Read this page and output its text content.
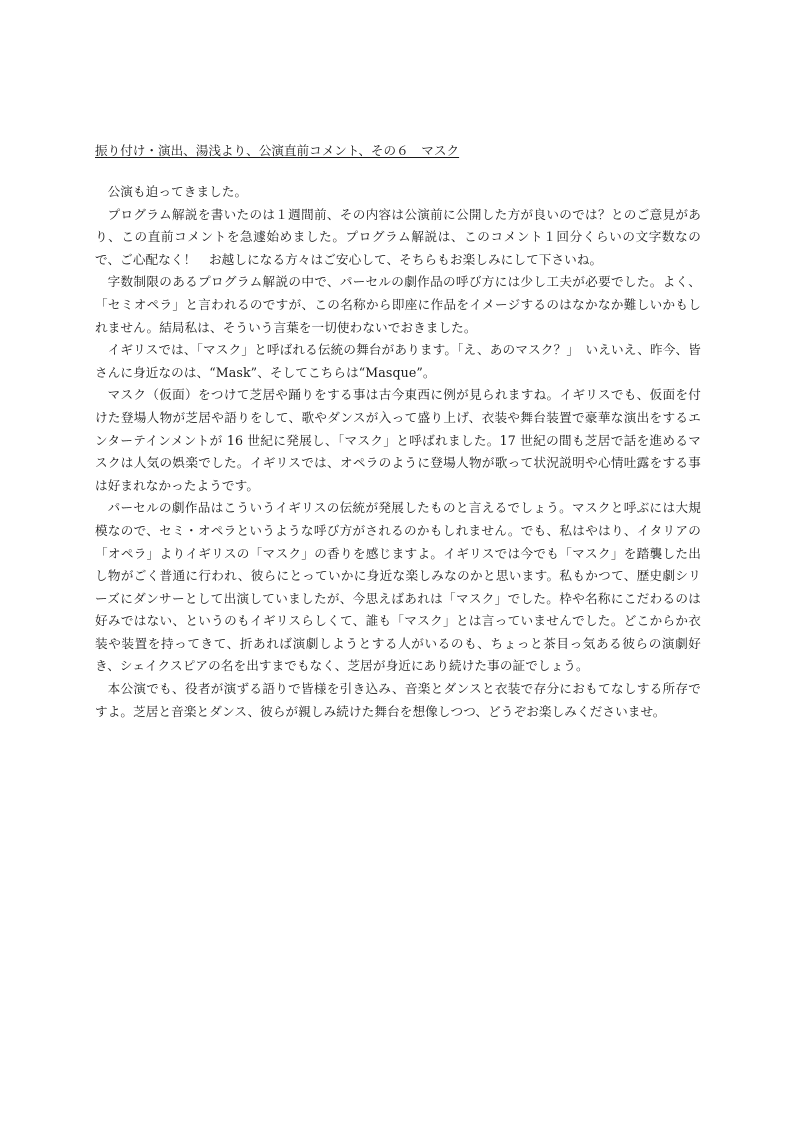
振り付け・演出、湯浅より、公演直前コメント、その６　マスク

公演も迫ってきました。

プログラム解説を書いたのは１週間前、その内容は公演前に公開した方が良いのでは？とのご意見があり、この直前コメントを急遽始めました。プログラム解説は、このコメント１回分くらいの文字数なので、ご心配なく！　お越しになる方々はご安心して、そちらもお楽しみにして下さいね。

字数制限のあるプログラム解説の中で、パーセルの劇作品の呼び方には少し工夫が必要でした。よく、「セミオペラ」と言われるのですが、この名称から即座に作品をイメージするのはなかなか難しいかもしれません。結局私は、そういう言葉を一切使わないでおきました。

イギリスでは、「マスク」と呼ばれる伝統の舞台があります。「え、あのマスク？」　いえいえ、昨今、皆さんに身近なのは、“Mask”、そしてこちらは“Masque”。

マスク（仮面）をつけて芝居や踊りをする事は古今東西に例が見られますね。イギリスでも、仮面を付けた登場人物が芝居や語りをして、歌やダンスが入って盛り上げ、衣装や舞台装置で豪華な演出をするエンターテインメントが 16 世紀に発展し、「マスク」と呼ばれました。17 世紀の間も芝居で話を進めるマスクは人気の娯楽でした。イギリスでは、オペラのように登場人物が歌って状況説明や心情吐露をする事は好まれなかったようです。

パーセルの劇作品はこういうイギリスの伝統が発展したものと言えるでしょう。マスクと呼ぶには大規模なので、セミ・オペラというような呼び方がされるのかもしれません。でも、私はやはり、イタリアの「オペラ」よりイギリスの「マスク」の香りを感じますよ。イギリスでは今でも「マスク」を踏襲した出し物がごく普通に行われ、彼らにとっていかに身近な楽しみなのかと思います。私もかつて、歴史劇シリーズにダンサーとして出演していましたが、今思えばあれは「マスク」でした。枠や名称にこだわるのは好みではない、というのもイギリスらしくて、誰も「マスク」とは言っていませんでした。どこからか衣装や装置を持ってきて、折あれば演劇しようとする人がいるのも、ちょっと茶目っ気ある彼らの演劇好き、シェイクスピアの名を出すまでもなく、芝居が身近にあり続けた事の証でしょう。

本公演でも、役者が演ずる語りで皆様を引き込み、音楽とダンスと衣装で存分におもてなしする所存ですよ。芝居と音楽とダンス、彼らが親しみ続けた舞台を想像しつつ、どうぞお楽しみくださいませ。
